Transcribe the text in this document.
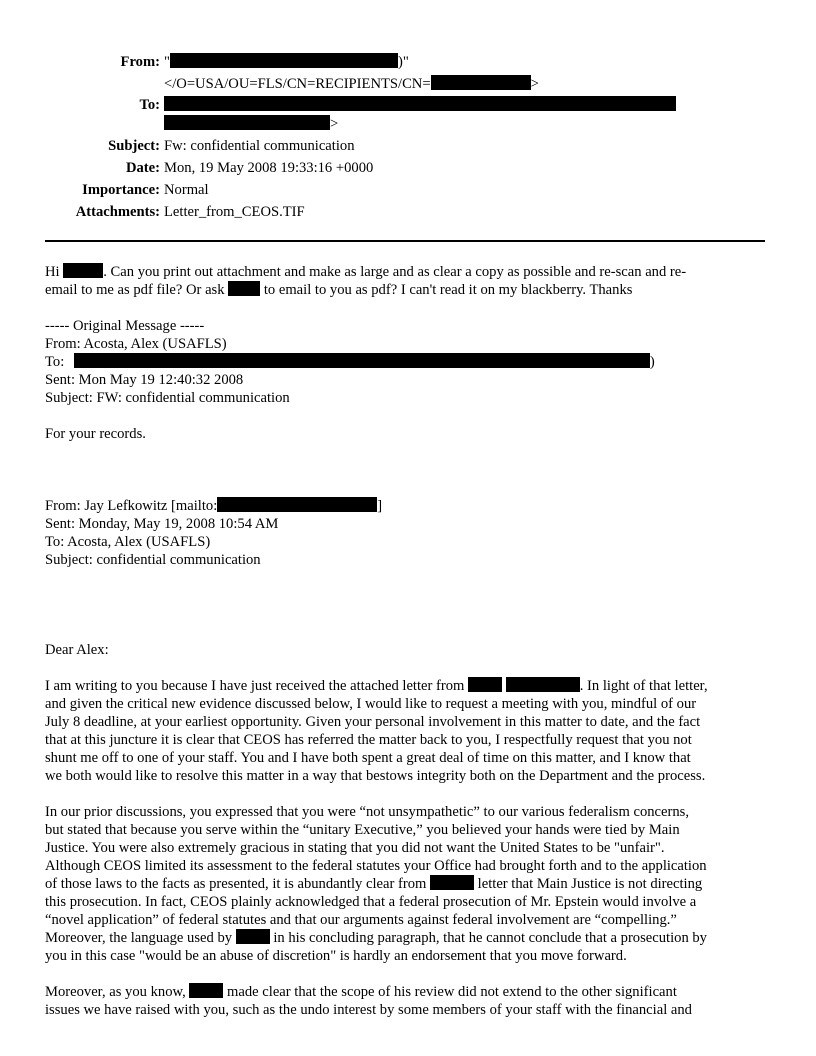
From: "	)"
</O=USA/OU=FLS/CN=RECIPIENTS/CN=	>
To:
>
Subject: Fw: confidential communication
Date: Mon, 19 May 2008 19:33:16 +0000
Importance: Normal
Attachments: Letter_from_CEOS.TIF
Hi	. Can you print out attachment and make as large and as clear a copy as possible and re-scan and re-
email to me as pdf file? Or ask	to email to you as pdf? I can't read it on my blackberry. Thanks
----- Original Message -----
From: Acosta, Alex (USAFLS)
To:	)
Sent: Mon May 19 12:40:32 2008
Subject: FW: confidential communication
For your records.
From: Jay Lefkowitz [mailto:	]
Sent: Monday, May 19, 2008 10:54 AM
To: Acosta, Alex (USAFLS)
Subject: confidential communication
Dear Alex:
I am writing to you because I have just received the attached letter from	. In light of that letter,
and given the critical new evidence discussed below, I would like to request a meeting with you, mindful of our
July 8 deadline, at your earliest opportunity. Given your personal involvement in this matter to date, and the fact
that at this juncture it is clear that CEOS has referred the matter back to you, I respectfully request that you not
shunt me off to one of your staff. You and I have both spent a great deal of time on this matter, and I know that
we both would like to resolve this matter in a way that bestows integrity both on the Department and the process.
In our prior discussions, you expressed that you were “not unsympathetic” to our various federalism concerns,
but stated that because you serve within the “unitary Executive,” you believed your hands were tied by Main
Justice. You were also extremely gracious in stating that you did not want the United States to be "unfair".
Although CEOS limited its assessment to the federal statutes your Office had brought forth and to the application
of those laws to the facts as presented, it is abundantly clear from	letter that Main Justice is not directing
this prosecution. In fact, CEOS plainly acknowledged that a federal prosecution of Mr. Epstein would involve a
“novel application” of federal statutes and that our arguments against federal involvement are “compelling.”
Moreover, the language used by	in his concluding paragraph, that he cannot conclude that a prosecution by
you in this case "would be an abuse of discretion" is hardly an endorsement that you move forward.
Moreover, as you know,	made clear that the scope of his review did not extend to the other significant
issues we have raised with you, such as the undo interest by some members of your staff with the financial and
